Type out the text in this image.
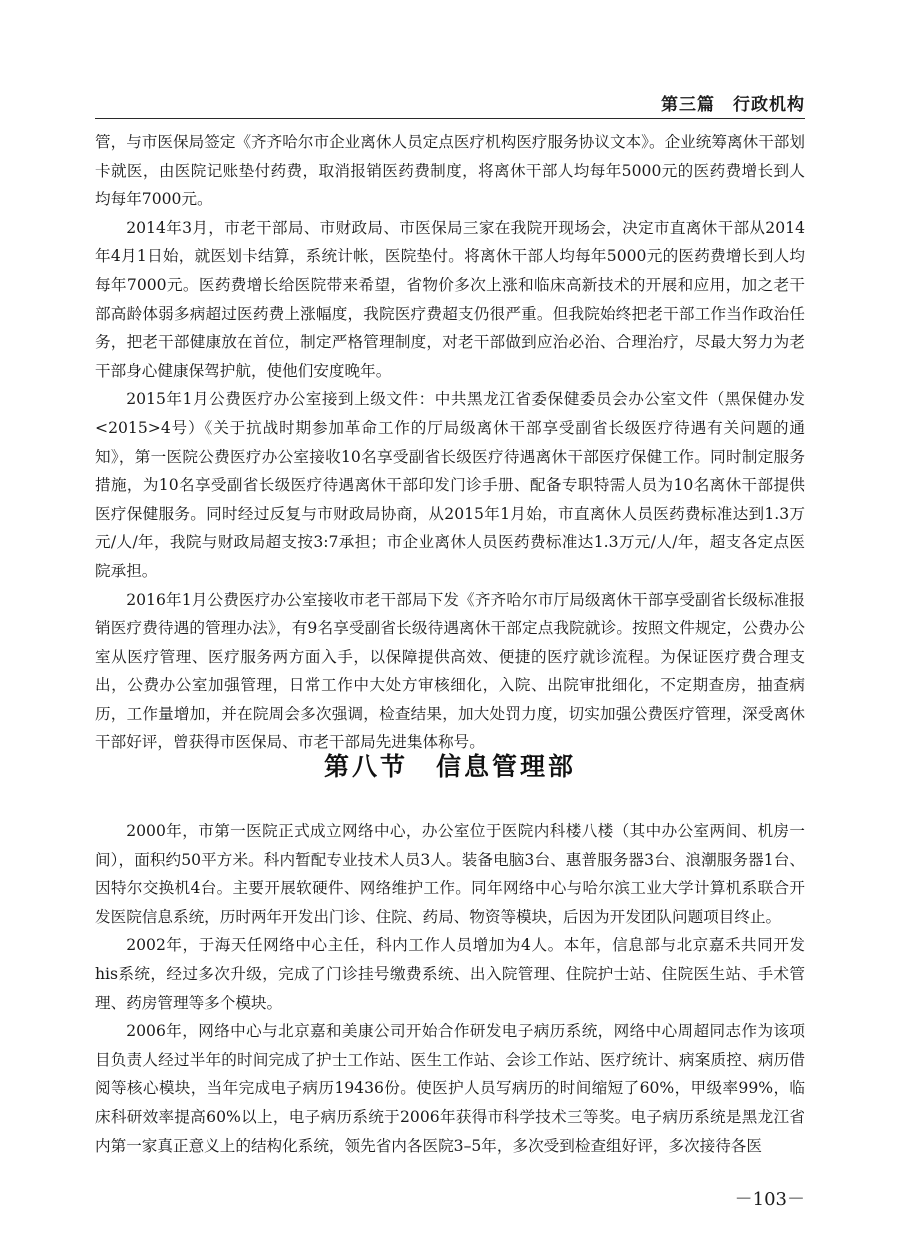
第三篇　行政机构

管，与市医保局签定《齐齐哈尔市企业离休人员定点医疗机构医疗服务协议文本》。企业统筹离休干部划卡就医，由医院记账垫付药费，取消报销医药费制度，将离休干部人均每年5000元的医药费增长到人均每年7000元。

2014年3月，市老干部局、市财政局、市医保局三家在我院开现场会，决定市直离休干部从2014年4月1日始，就医划卡结算，系统计帐，医院垫付。将离休干部人均每年5000元的医药费增长到人均每年7000元。医药费增长给医院带来希望，省物价多次上涨和临床高新技术的开展和应用，加之老干部高龄体弱多病超过医药费上涨幅度，我院医疗费超支仍很严重。但我院始终把老干部工作当作政治任务，把老干部健康放在首位，制定严格管理制度，对老干部做到应治必治、合理治疗，尽最大努力为老干部身心健康保驾护航，使他们安度晚年。

2015年1月公费医疗办公室接到上级文件：中共黑龙江省委保健委员会办公室文件（黑保健办发<2015>4号）《关于抗战时期参加革命工作的厅局级离休干部享受副省长级医疗待遇有关问题的通知》，第一医院公费医疗办公室接收10名享受副省长级医疗待遇离休干部医疗保健工作。同时制定服务措施，为10名享受副省长级医疗待遇离休干部印发门诊手册、配备专职特需人员为10名离休干部提供医疗保健服务。同时经过反复与市财政局协商，从2015年1月始，市直离休人员医药费标准达到1.3万元/人/年，我院与财政局超支按3:7承担；市企业离休人员医药费标准达1.3万元/人/年，超支各定点医院承担。

2016年1月公费医疗办公室接收市老干部局下发《齐齐哈尔市厅局级离休干部享受副省长级标准报销医疗费待遇的管理办法》，有9名享受副省长级待遇离休干部定点我院就诊。按照文件规定，公费办公室从医疗管理、医疗服务两方面入手，以保障提供高效、便捷的医疗就诊流程。为保证医疗费合理支出，公费办公室加强管理，日常工作中大处方审核细化，入院、出院审批细化，不定期查房，抽查病历，工作量增加，并在院周会多次强调，检查结果，加大处罚力度，切实加强公费医疗管理，深受离休干部好评，曾获得市医保局、市老干部局先进集体称号。

第八节　信息管理部

2000年，市第一医院正式成立网络中心，办公室位于医院内科楼八楼（其中办公室两间、机房一间），面积约50平方米。科内暂配专业技术人员3人。装备电脑3台、惠普服务器3台、浪潮服务器1台、因特尔交换机4台。主要开展软硬件、网络维护工作。同年网络中心与哈尔滨工业大学计算机系联合开发医院信息系统，历时两年开发出门诊、住院、药局、物资等模块，后因为开发团队问题项目终止。

2002年，于海天任网络中心主任，科内工作人员增加为4人。本年，信息部与北京嘉禾共同开发his系统，经过多次升级，完成了门诊挂号缴费系统、出入院管理、住院护士站、住院医生站、手术管理、药房管理等多个模块。

2006年，网络中心与北京嘉和美康公司开始合作研发电子病历系统，网络中心周超同志作为该项目负责人经过半年的时间完成了护士工作站、医生工作站、会诊工作站、医疗统计、病案质控、病历借阅等核心模块，当年完成电子病历19436份。使医护人员写病历的时间缩短了60%，甲级率99%，临床科研效率提高60%以上，电子病历系统于2006年获得市科学技术三等奖。电子病历系统是黑龙江省内第一家真正意义上的结构化系统，领先省内各医院3–5年，多次受到检查组好评，多次接待各医

－103－
